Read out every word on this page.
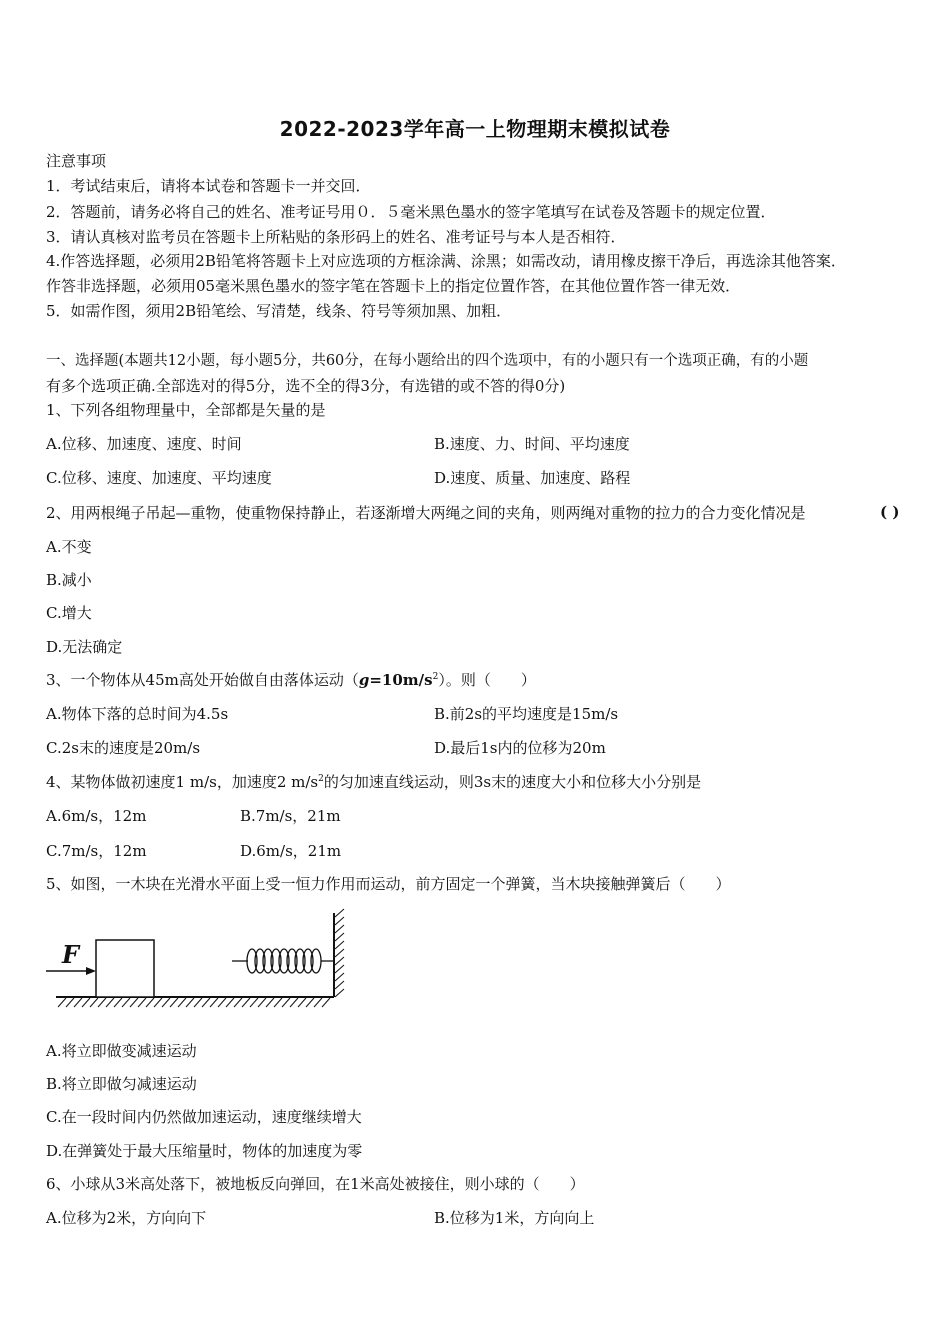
2022-2023学年高一上物理期末模拟试卷
注意事项
1．考试结束后，请将本试卷和答题卡一并交回．
2．答题前，请务必将自己的姓名、准考证号用０．５毫米黑色墨水的签字笔填写在试卷及答题卡的规定位置．
3．请认真核对监考员在答题卡上所粘贴的条形码上的姓名、准考证号与本人是否相符．
4.作答选择题，必须用2B铅笔将答题卡上对应选项的方框涂满、涂黑；如需改动，请用橡皮擦干净后，再选涂其他答案．
作答非选择题，必须用05毫米黑色墨水的签字笔在答题卡上的指定位置作答，在其他位置作答一律无效．
5．如需作图，须用2B铅笔绘、写清楚，线条、符号等须加黑、加粗．
一、选择题(本题共12小题，每小题5分，共60分，在每小题给出的四个选项中，有的小题只有一个选项正确，有的小题
有多个选项正确.全部选对的得5分，选不全的得3分，有选错的或不答的得0分)
1、下列各组物理量中，全部都是矢量的是
A.位移、加速度、速度、时间	B.速度、力、时间、平均速度
C.位移、速度、加速度、平均速度	D.速度、质量、加速度、路程
2、用两根绳子吊起—重物，使重物保持静止，若逐渐增大两绳之间的夹角，则两绳对重物的拉力的合力变化情况是	( )
A.不变
B.减小
C.增大
D.无法确定
3、一个物体从45m高处开始做自由落体运动$(g=10m/s^2)$。则（　　）
A.物体下落的总时间为4.5s	B.前2s的平均速度是15m/s
C.2s末的速度是20m/s	D.最后1s内的位移为20m
4、某物体做初速度1 m/s，加速度2 $m/s^2$的匀加速直线运动，则3s末的速度大小和位移大小分别是
A.6m/s，12m	B.7m/s，21m
C.7m/s，12m	D.6m/s，21m
5、如图，一木块在光滑水平面上受一恒力作用而运动，前方固定一个弹簧，当木块接触弹簧后（　　）
F
A.将立即做变减速运动
B.将立即做匀减速运动
C.在一段时间内仍然做加速运动，速度继续增大
D.在弹簧处于最大压缩量时，物体的加速度为零
6、小球从3米高处落下，被地板反向弹回，在1米高处被接住，则小球的（　　）
A.位移为2米，方向向下	B.位移为1米，方向向上
